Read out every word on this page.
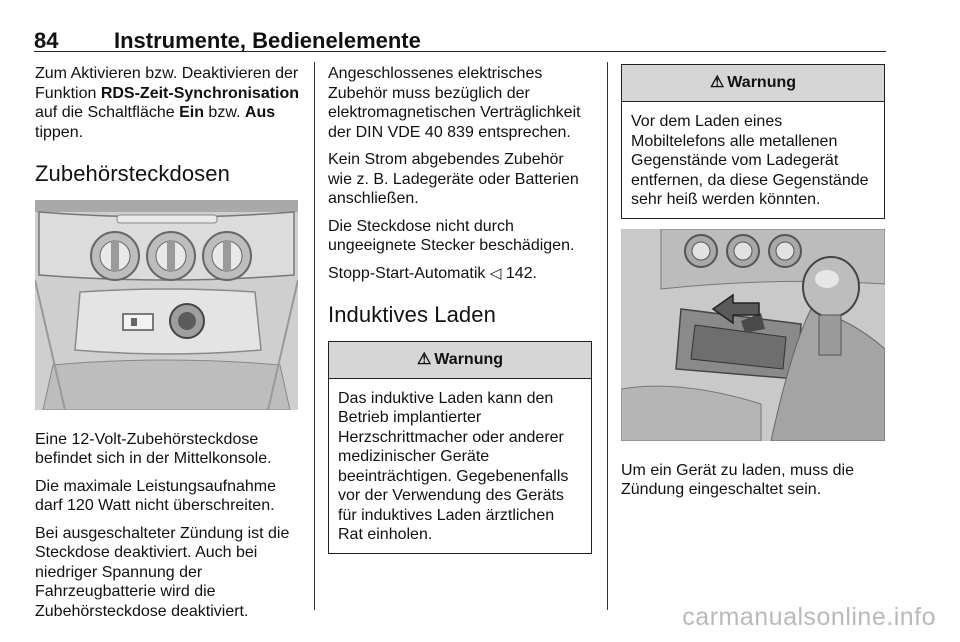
84	Instrumente, Bedienelemente

Zum Aktivieren bzw. Deaktivieren der Funktion RDS-Zeit-Synchronisation auf die Schaltfläche Ein bzw. Aus tippen.

Zubehörsteckdosen

Eine 12-Volt-Zubehörsteckdose befindet sich in der Mittelkonsole.

Die maximale Leistungsaufnahme darf 120 Watt nicht überschreiten.

Bei ausgeschalteter Zündung ist die Steckdose deaktiviert. Auch bei niedriger Spannung der Fahrzeugbatterie wird die Zubehörsteckdose deaktiviert.

Angeschlossenes elektrisches Zubehör muss bezüglich der elektromagnetischen Verträglichkeit der DIN VDE 40 839 entsprechen.

Kein Strom abgebendes Zubehör wie z. B. Ladegeräte oder Batterien anschließen.

Die Steckdose nicht durch ungeeignete Stecker beschädigen.

Stopp-Start-Automatik ◁ 142.

Induktives Laden
⚠ Warnung

Das induktive Laden kann den Betrieb implantierter Herzschrittmacher oder anderer medizinischer Geräte beeinträchtigen. Gegebenenfalls vor der Verwendung des Geräts für induktives Laden ärztlichen Rat einholen.

⚠ Warnung

Vor dem Laden eines Mobiltelefons alle metallenen Gegenstände vom Ladegerät entfernen, da diese Gegenstände sehr heiß werden könnten.

Um ein Gerät zu laden, muss die Zündung eingeschaltet sein.

carmanualsonline.info
